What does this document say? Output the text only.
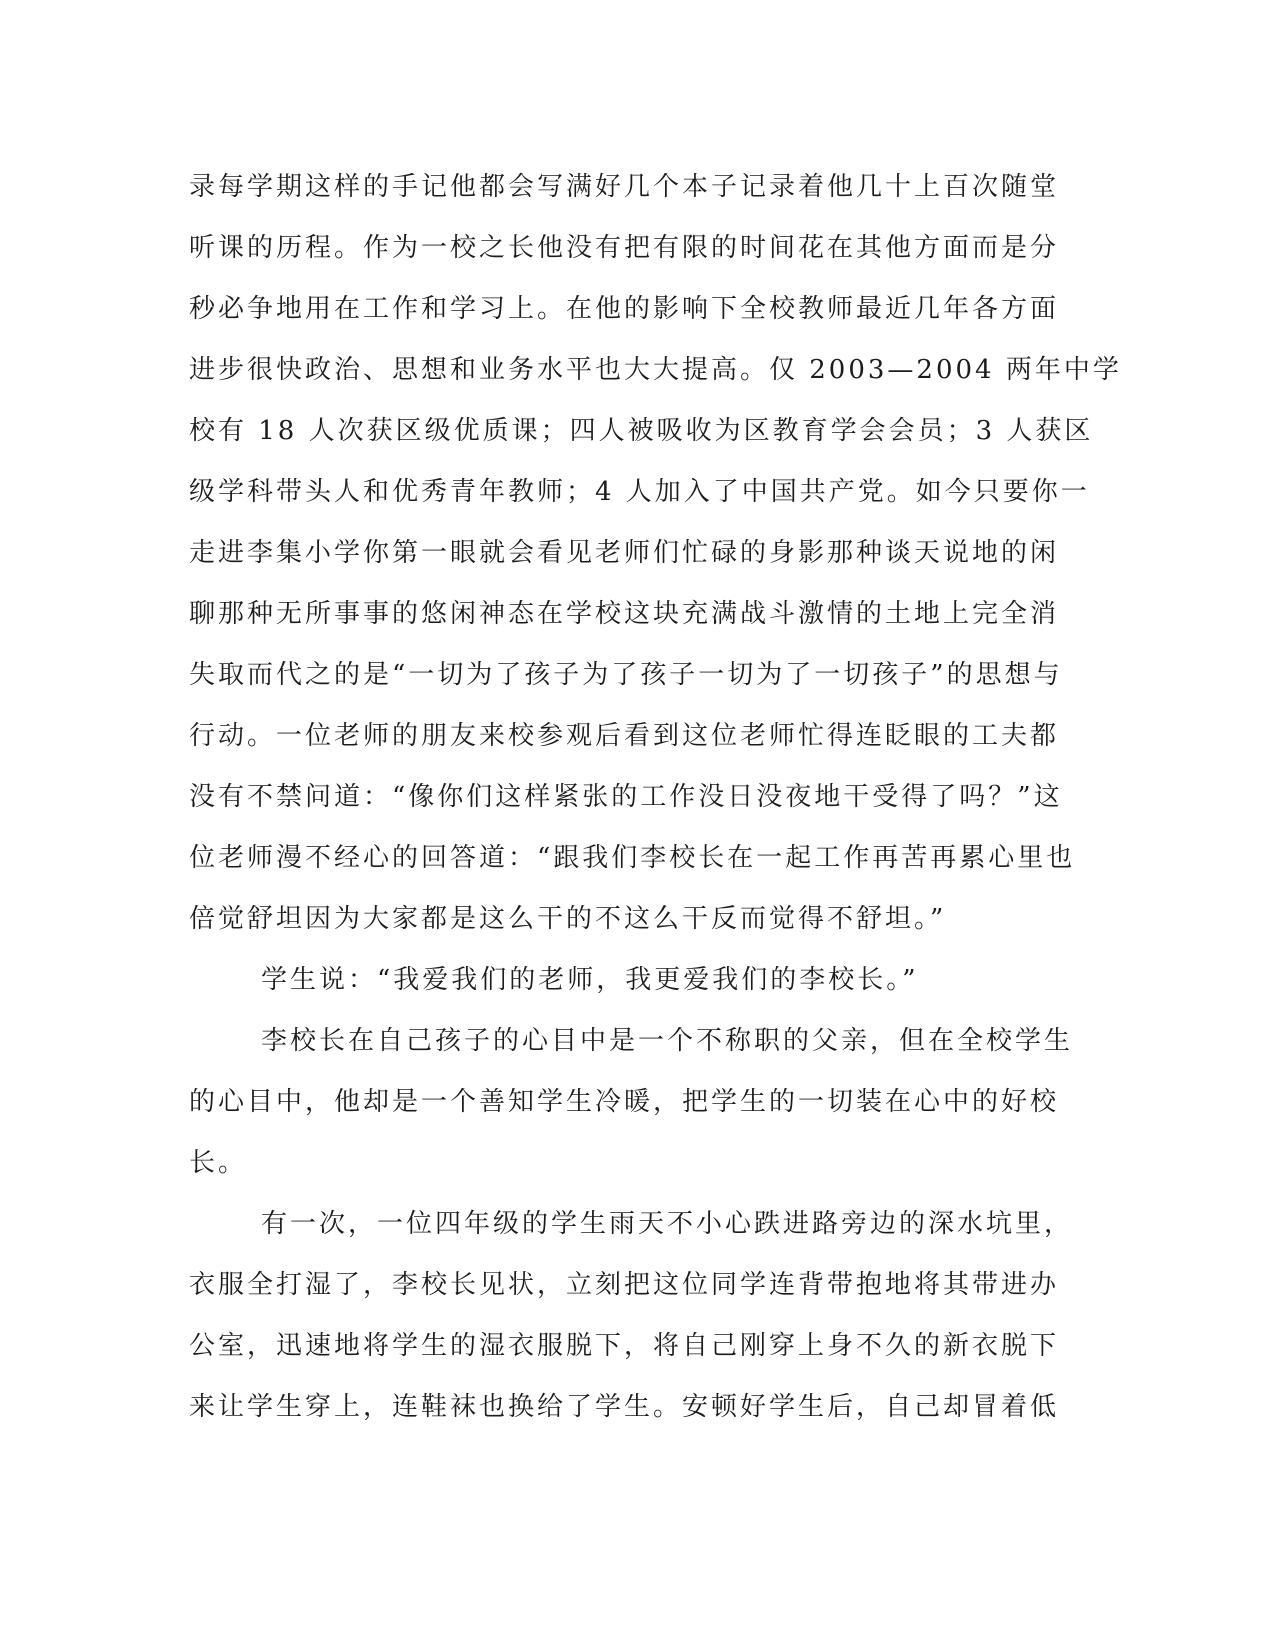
录每学期这样的手记他都会写满好几个本子记录着他几十上百次随堂
听课的历程。作为一校之长他没有把有限的时间花在其他方面而是分
秒必争地用在工作和学习上。在他的影响下全校教师最近几年各方面
进步很快政治、思想和业务水平也大大提高。仅 2003—2004 两年中学
校有 18 人次获区级优质课；四人被吸收为区教育学会会员；3 人获区
级学科带头人和优秀青年教师；4 人加入了中国共产党。如今只要你一
走进李集小学你第一眼就会看见老师们忙碌的身影那种谈天说地的闲
聊那种无所事事的悠闲神态在学校这块充满战斗激情的土地上完全消
失取而代之的是“一切为了孩子为了孩子一切为了一切孩子”的思想与
行动。一位老师的朋友来校参观后看到这位老师忙得连眨眼的工夫都
没有不禁问道：“像你们这样紧张的工作没日没夜地干受得了吗？”这
位老师漫不经心的回答道：“跟我们李校长在一起工作再苦再累心里也
倍觉舒坦因为大家都是这么干的不这么干反而觉得不舒坦。”
学生说：“我爱我们的老师，我更爱我们的李校长。”
李校长在自己孩子的心目中是一个不称职的父亲，但在全校学生
的心目中，他却是一个善知学生冷暖，把学生的一切装在心中的好校
长。
有一次，一位四年级的学生雨天不小心跌进路旁边的深水坑里，
衣服全打湿了，李校长见状，立刻把这位同学连背带抱地将其带进办
公室，迅速地将学生的湿衣服脱下，将自己刚穿上身不久的新衣脱下
来让学生穿上，连鞋袜也换给了学生。安顿好学生后，自己却冒着低
